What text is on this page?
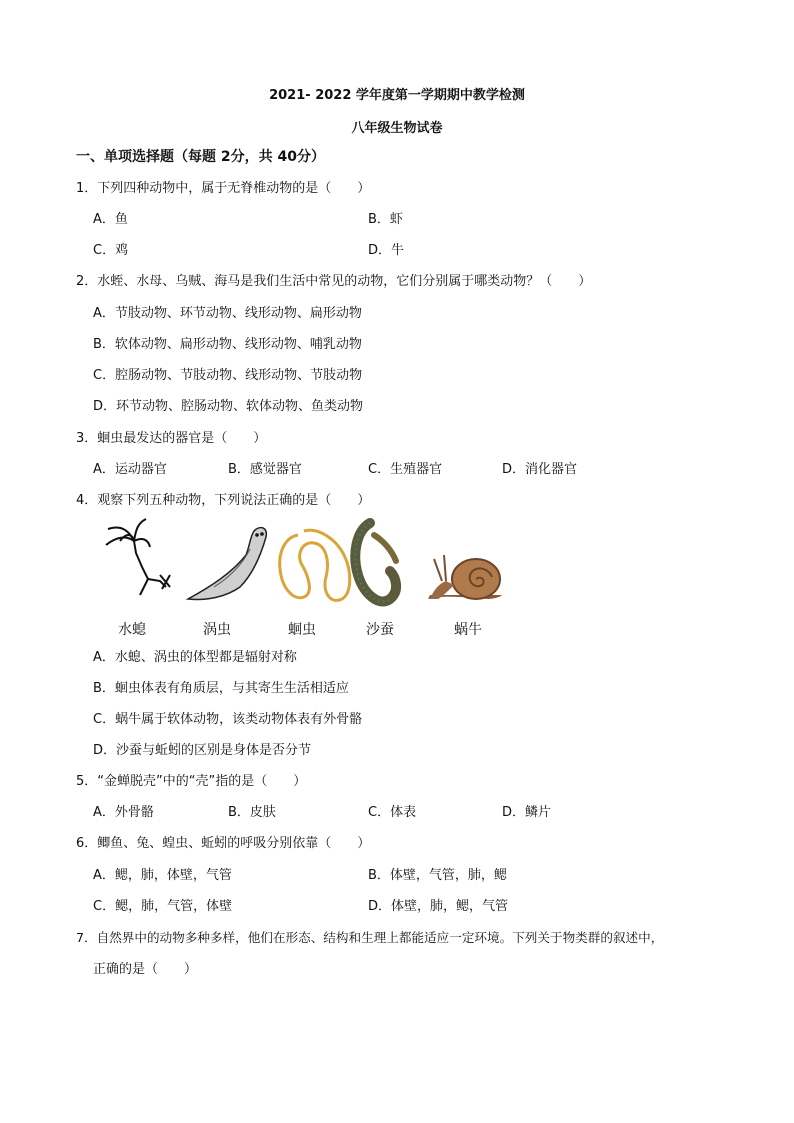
2021- 2022 学年度第一学期期中教学检测
八年级生物试卷
一、单项选择题（每题 2分，共 40分）
1．下列四种动物中，属于无脊椎动物的是（　　）
A．鱼	B．虾
C．鸡	D．牛
2．水蛭、水母、乌贼、海马是我们生活中常见的动物，它们分别属于哪类动物？（　　）
A．节肢动物、环节动物、线形动物、扁形动物
B．软体动物、扁形动物、线形动物、哺乳动物
C．腔肠动物、节肢动物、线形动物、节肢动物
D．环节动物、腔肠动物、软体动物、鱼类动物
3．蛔虫最发达的器官是（　　）
A．运动器官	B．感觉器官	C．生殖器官	D．消化器官
4．观察下列五种动物，下列说法正确的是（　　）
水螅	涡虫	蛔虫	沙蚕	蜗牛
A．水螅、涡虫的体型都是辐射对称
B．蛔虫体表有角质层，与其寄生生活相适应
C．蜗牛属于软体动物，该类动物体表有外骨骼
D．沙蚕与蚯蚓的区别是身体是否分节
5．“金蝉脱壳”中的“壳”指的是（　　）
A．外骨骼	B．皮肤	C．体表	D．鳞片
6．鲫鱼、兔、蝗虫、蚯蚓的呼吸分别依靠（　　）
A．鳃，肺，体壁，气管	B．体壁，气管，肺，鳃
C．鳃，肺，气管，体壁	D．体壁，肺，鳃，气管
7．自然界中的动物多种多样，他们在形态、结构和生理上都能适应一定环境。下列关于物类群的叙述中，
正确的是（　　）
